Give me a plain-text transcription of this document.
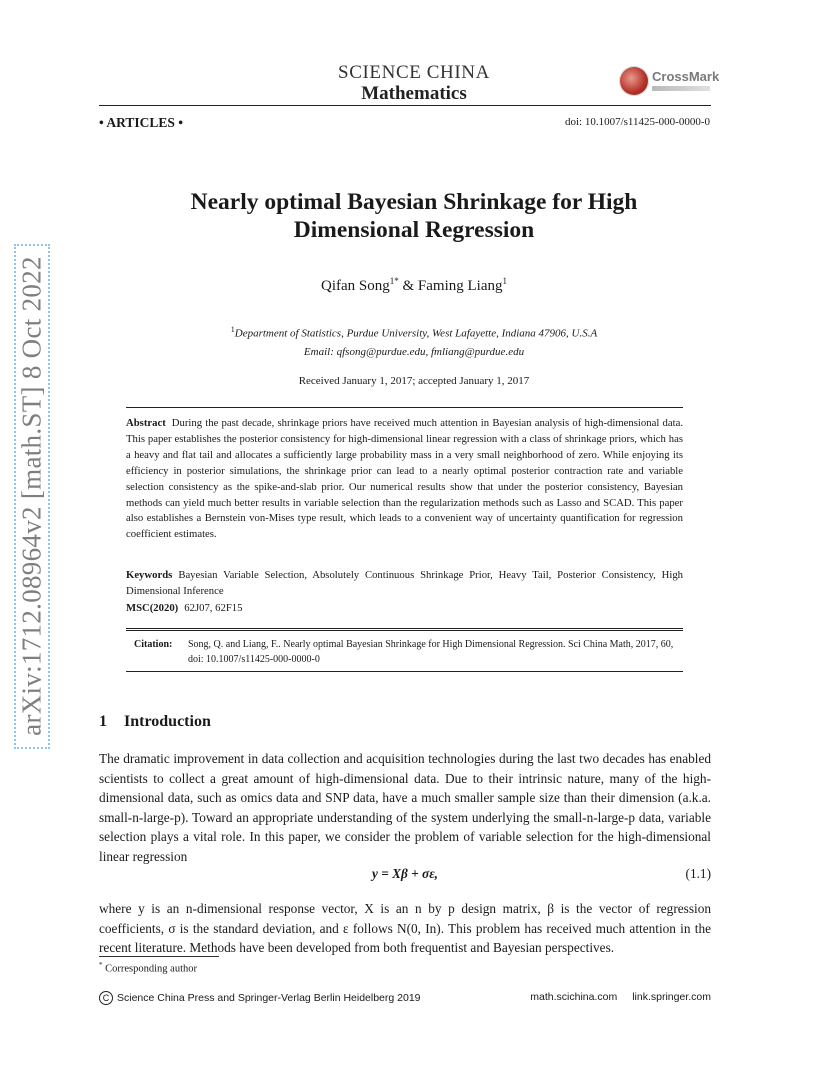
arXiv:1712.08964v2 [math.ST] 8 Oct 2022
SCIENCE CHINA
Mathematics
CrossMark
• ARTICLES •	doi: 10.1007/s11425-000-0000-0
Nearly optimal Bayesian Shrinkage for High
Dimensional Regression
Qifan Song$^{1*}$ & Faming Liang$^1$
$^1$Department of Statistics, Purdue University, West Lafayette, Indiana 47906, U.S.A
Email: qfsong@purdue.edu, fmliang@purdue.edu
Received January 1, 2017; accepted January 1, 2017
Abstract During the past decade, shrinkage priors have received much attention in Bayesian analysis of high-dimensional data. This paper establishes the posterior consistency for high-dimensional linear regression with a class of shrinkage priors, which has a heavy and flat tail and allocates a sufficiently large probability mass in a very small neighborhood of zero. While enjoying its efficiency in posterior simulations, the shrinkage prior can lead to a nearly optimal posterior contraction rate and variable selection consistency as the spike-and-slab prior. Our numerical results show that under the posterior consistency, Bayesian methods can yield much better results in variable selection than the regularization methods such as Lasso and SCAD. This paper also establishes a Bernstein von-Mises type result, which leads to a convenient way of uncertainty quantification for regression coefficient estimates.
Keywords Bayesian Variable Selection, Absolutely Continuous Shrinkage Prior, Heavy Tail, Posterior Consistency, High Dimensional Inference
MSC(2020) 62J07, 62F15
Citation:	Song, Q. and Liang, F.. Nearly optimal Bayesian Shrinkage for High Dimensional Regression. Sci China Math, 2017, 60, doi: 10.1007/s11425-000-0000-0
1 Introduction
The dramatic improvement in data collection and acquisition technologies during the last two decades has enabled scientists to collect a great amount of high-dimensional data. Due to their intrinsic nature, many of the high-dimensional data, such as omics data and SNP data, have a much smaller sample size than their dimension (a.k.a. small-n-large-p). Toward an appropriate understanding of the system underlying the small-n-large-p data, variable selection plays a vital role. In this paper, we consider the problem of variable selection for the high-dimensional linear regression
y = Xβ + σε,	(1.1)
where y is an n-dimensional response vector, X is an n by p design matrix, β is the vector of regression coefficients, σ is the standard deviation, and ε follows N(0, In). This problem has received much attention in the recent literature. Methods have been developed from both frequentist and Bayesian perspectives.
* Corresponding author
C Science China Press and Springer-Verlag Berlin Heidelberg 2019	math.scichina.com link.springer.com
